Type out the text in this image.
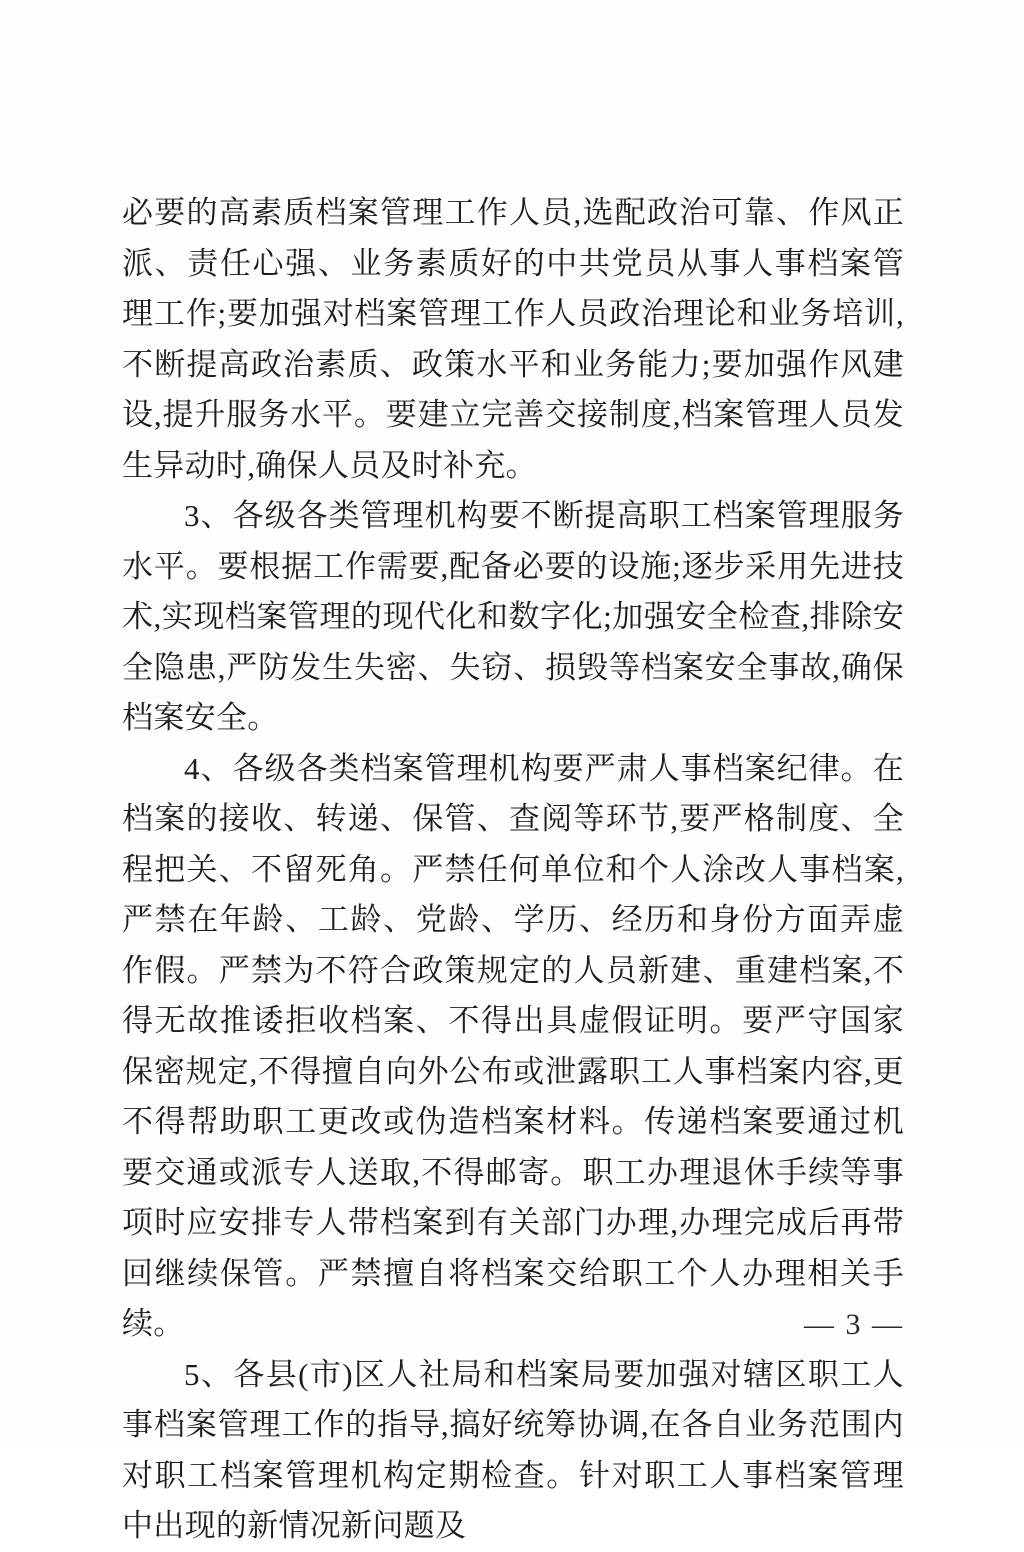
必要的高素质档案管理工作人员,选配政治可靠、作风正派、责任心强、业务素质好的中共党员从事人事档案管理工作;要加强对档案管理工作人员政治理论和业务培训,不断提高政治素质、政策水平和业务能力;要加强作风建设,提升服务水平。要建立完善交接制度,档案管理人员发生异动时,确保人员及时补充。

3、各级各类管理机构要不断提高职工档案管理服务水平。要根据工作需要,配备必要的设施;逐步采用先进技术,实现档案管理的现代化和数字化;加强安全检查,排除安全隐患,严防发生失密、失窃、损毁等档案安全事故,确保档案安全。

4、各级各类档案管理机构要严肃人事档案纪律。在档案的接收、转递、保管、查阅等环节,要严格制度、全程把关、不留死角。严禁任何单位和个人涂改人事档案,严禁在年龄、工龄、党龄、学历、经历和身份方面弄虚作假。严禁为不符合政策规定的人员新建、重建档案,不得无故推诿拒收档案、不得出具虚假证明。要严守国家保密规定,不得擅自向外公布或泄露职工人事档案内容,更不得帮助职工更改或伪造档案材料。传递档案要通过机要交通或派专人送取,不得邮寄。职工办理退休手续等事项时应安排专人带档案到有关部门办理,办理完成后再带回继续保管。严禁擅自将档案交给职工个人办理相关手续。

5、各县(市)区人社局和档案局要加强对辖区职工人事档案管理工作的指导,搞好统筹协调,在各自业务范围内对职工档案管理机构定期检查。针对职工人事档案管理中出现的新情况新问题及

— 3 —
